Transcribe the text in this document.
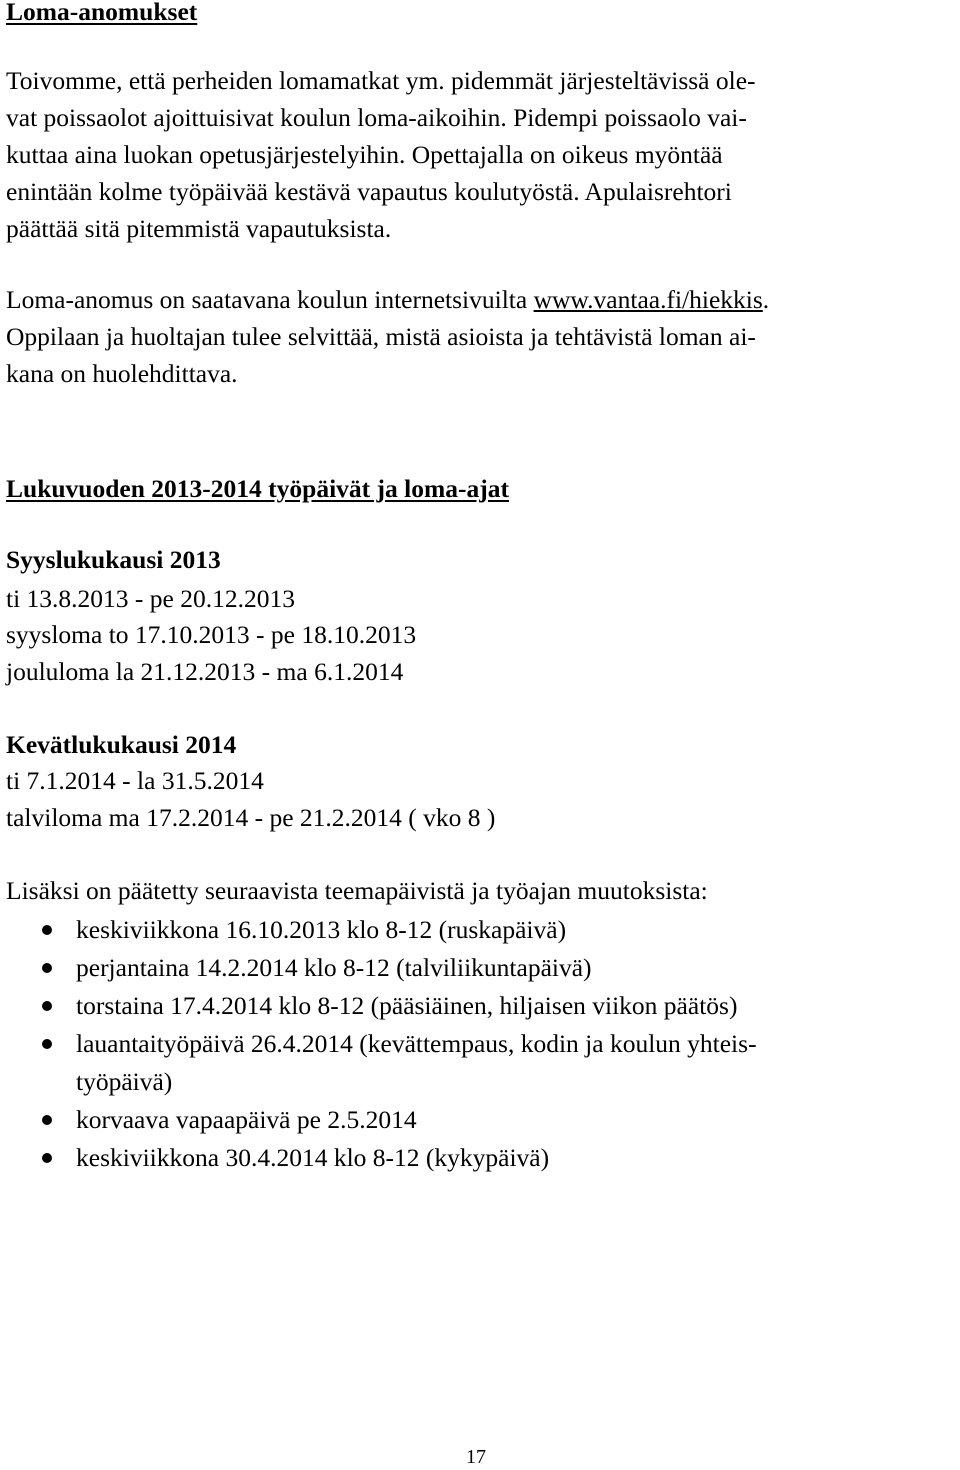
Loma-anomukset
Toivomme, että perheiden lomamatkat ym. pidemmät järjesteltävissä ole-
vat poissaolot ajoittuisivat koulun loma-aikoihin. Pidempi poissaolo vai-
kuttaa aina luokan opetusjärjestelyihin. Opettajalla on oikeus myöntää
enintään kolme työpäivää kestävä vapautus koulutyöstä. Apulaisrehtori
päättää sitä pitemmistä vapautuksista.
Loma-anomus on saatavana koulun internetsivuilta www.vantaa.fi/hiekkis.
Oppilaan ja huoltajan tulee selvittää, mistä asioista ja tehtävistä loman ai-
kana on huolehdittava.
Lukuvuoden 2013-2014 työpäivät ja loma-ajat
Syyslukukausi 2013
ti 13.8.2013 - pe 20.12.2013
syysloma to 17.10.2013 - pe 18.10.2013
joululoma la 21.12.2013 - ma 6.1.2014
Kevätlukukausi 2014
ti 7.1.2014 - la 31.5.2014
talviloma ma 17.2.2014 - pe 21.2.2014 ( vko 8 )
Lisäksi on päätetty seuraavista teemapäivistä ja työajan muutoksista:
keskiviikkona 16.10.2013 klo 8-12 (ruskapäivä)
perjantaina 14.2.2014 klo 8-12 (talviliikuntapäivä)
torstaina 17.4.2014 klo 8-12 (pääsiäinen, hiljaisen viikon päätös)
lauantaityöpäivä 26.4.2014 (kevättempaus, kodin ja koulun yhteis-
työpäivä)
korvaava vapaapäivä pe 2.5.2014
keskiviikkona 30.4.2014 klo 8-12 (kykypäivä)
17
